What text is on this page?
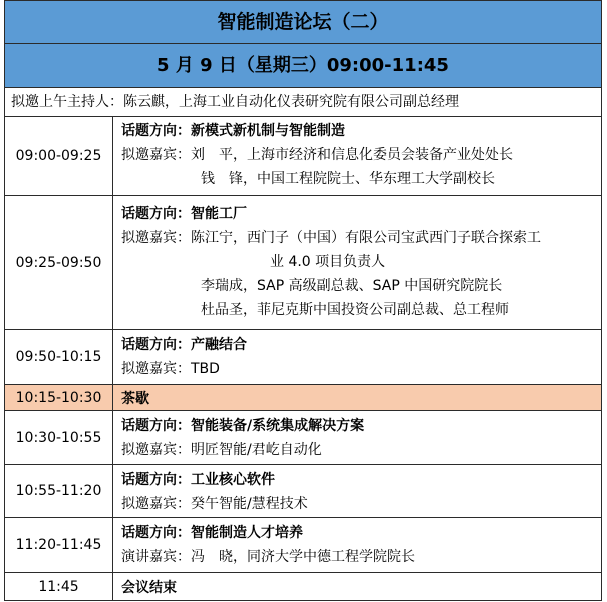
智能制造论坛（二）
5 月 9 日（星期三）09:00-11:45
拟邀上午主持人：陈云麒，上海工业自动化仪表研究院有限公司副总经理
09:00-09:25
话题方向：新模式新机制与智能制造
拟邀嘉宾：刘　平，上海市经济和信息化委员会装备产业处处长
钱　锋，中国工程院院士、华东理工大学副校长
09:25-09:50
话题方向：智能工厂
拟邀嘉宾：陈江宁，西门子（中国）有限公司宝武西门子联合探索工
业 4.0 项目负责人
李瑞成，SAP 高级副总裁、SAP 中国研究院院长
杜品圣，菲尼克斯中国投资公司副总裁、总工程师
09:50-10:15
话题方向：产融结合
拟邀嘉宾：TBD
10:15-10:30	茶歇
10:30-10:55
话题方向：智能装备/系统集成解决方案
拟邀嘉宾：明匠智能/君屹自动化
10:55-11:20
话题方向：工业核心软件
拟邀嘉宾：癸午智能/慧程技术
11:20-11:45
话题方向：智能制造人才培养
演讲嘉宾：冯　晓，同济大学中德工程学院院长
11:45	会议结束
